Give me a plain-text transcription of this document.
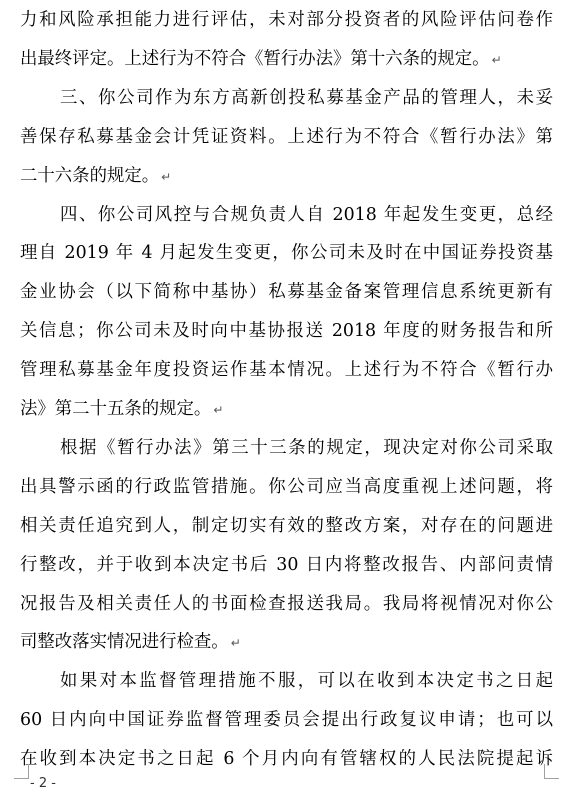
力和风险承担能力进行评估，未对部分投资者的风险评估问卷作
出最终评定。上述行为不符合《暂行办法》第十六条的规定。 ↵
三、你公司作为东方高新创投私募基金产品的管理人，未妥
善保存私募基金会计凭证资料。上述行为不符合《暂行办法》第
二十六条的规定。 ↵
四、你公司风控与合规负责人自 2018 年起发生变更，总经
理自 2019 年 4 月起发生变更，你公司未及时在中国证券投资基
金业协会（以下简称中基协）私募基金备案管理信息系统更新有
关信息；你公司未及时向中基协报送 2018 年度的财务报告和所
管理私募基金年度投资运作基本情况。上述行为不符合《暂行办
法》第二十五条的规定。 ↵
根据《暂行办法》第三十三条的规定，现决定对你公司采取
出具警示函的行政监管措施。你公司应当高度重视上述问题，将
相关责任追究到人，制定切实有效的整改方案，对存在的问题进
行整改，并于收到本决定书后 30 日内将整改报告、内部问责情
况报告及相关责任人的书面检查报送我局。我局将视情况对你公
司整改落实情况进行检查。 ↵
如果对本监督管理措施不服，可以在收到本决定书之日起
60 日内向中国证券监督管理委员会提出行政复议申请；也可以
在收到本决定书之日起 6 个月内向有管辖权的人民法院提起诉
- 2 -
